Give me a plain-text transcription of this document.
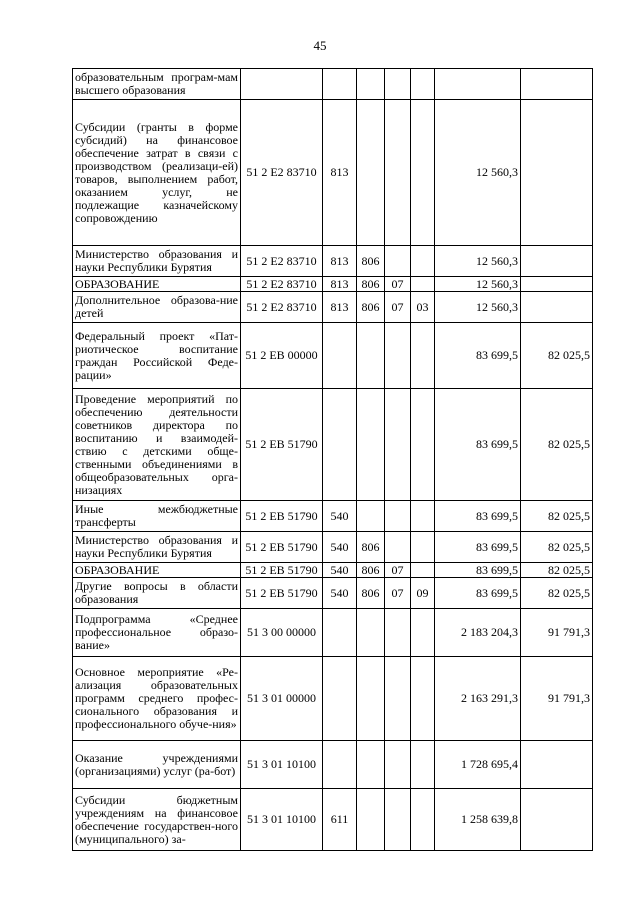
45
образовательным програм-мам высшего образования							
Субсидии (гранты в форме субсидий) на финансовое обеспечение затрат в связи с производством (реализаци-ей) товаров, выполнением работ, оказанием услуг, не подлежащие казначейскому сопровождению	51 2 E2 83710	813				12 560,3	
Министерство образования и науки Республики Бурятия	51 2 E2 83710	813	806			12 560,3	
ОБРАЗОВАНИЕ	51 2 E2 83710	813	806	07		12 560,3	
Дополнительное образова-ние детей	51 2 E2 83710	813	806	07	03	12 560,3	
Федеральный проект «Пат-риотическое воспитание граждан Российской Феде-рации»	51 2 EB 00000					83 699,5	82 025,5
Проведение мероприятий по обеспечению деятельности советников директора по воспитанию и взаимодей-ствию с детскими обще-ственными объединениями в общеобразовательных орга-низациях	51 2 EB 51790					83 699,5	82 025,5
Иные межбюджетные трансферты	51 2 EB 51790	540				83 699,5	82 025,5
Министерство образования и науки Республики Бурятия	51 2 EB 51790	540	806			83 699,5	82 025,5
ОБРАЗОВАНИЕ	51 2 EB 51790	540	806	07		83 699,5	82 025,5
Другие вопросы в области образования	51 2 EB 51790	540	806	07	09	83 699,5	82 025,5
Подпрограмма «Среднее профессиональное образо-вание»	51 3 00 00000					2 183 204,3	91 791,3
Основное мероприятие «Ре-ализация образовательных программ среднего профес-сионального образования и профессионального обуче-ния»	51 3 01 00000					2 163 291,3	91 791,3
Оказание учреждениями (организациями) услуг (ра-бот)	51 3 01 10100					1 728 695,4	
Субсидии бюджетным учреждениям на финансовое обеспечение государствен-ного (муниципального) за-	51 3 01 10100	611				1 258 639,8	
